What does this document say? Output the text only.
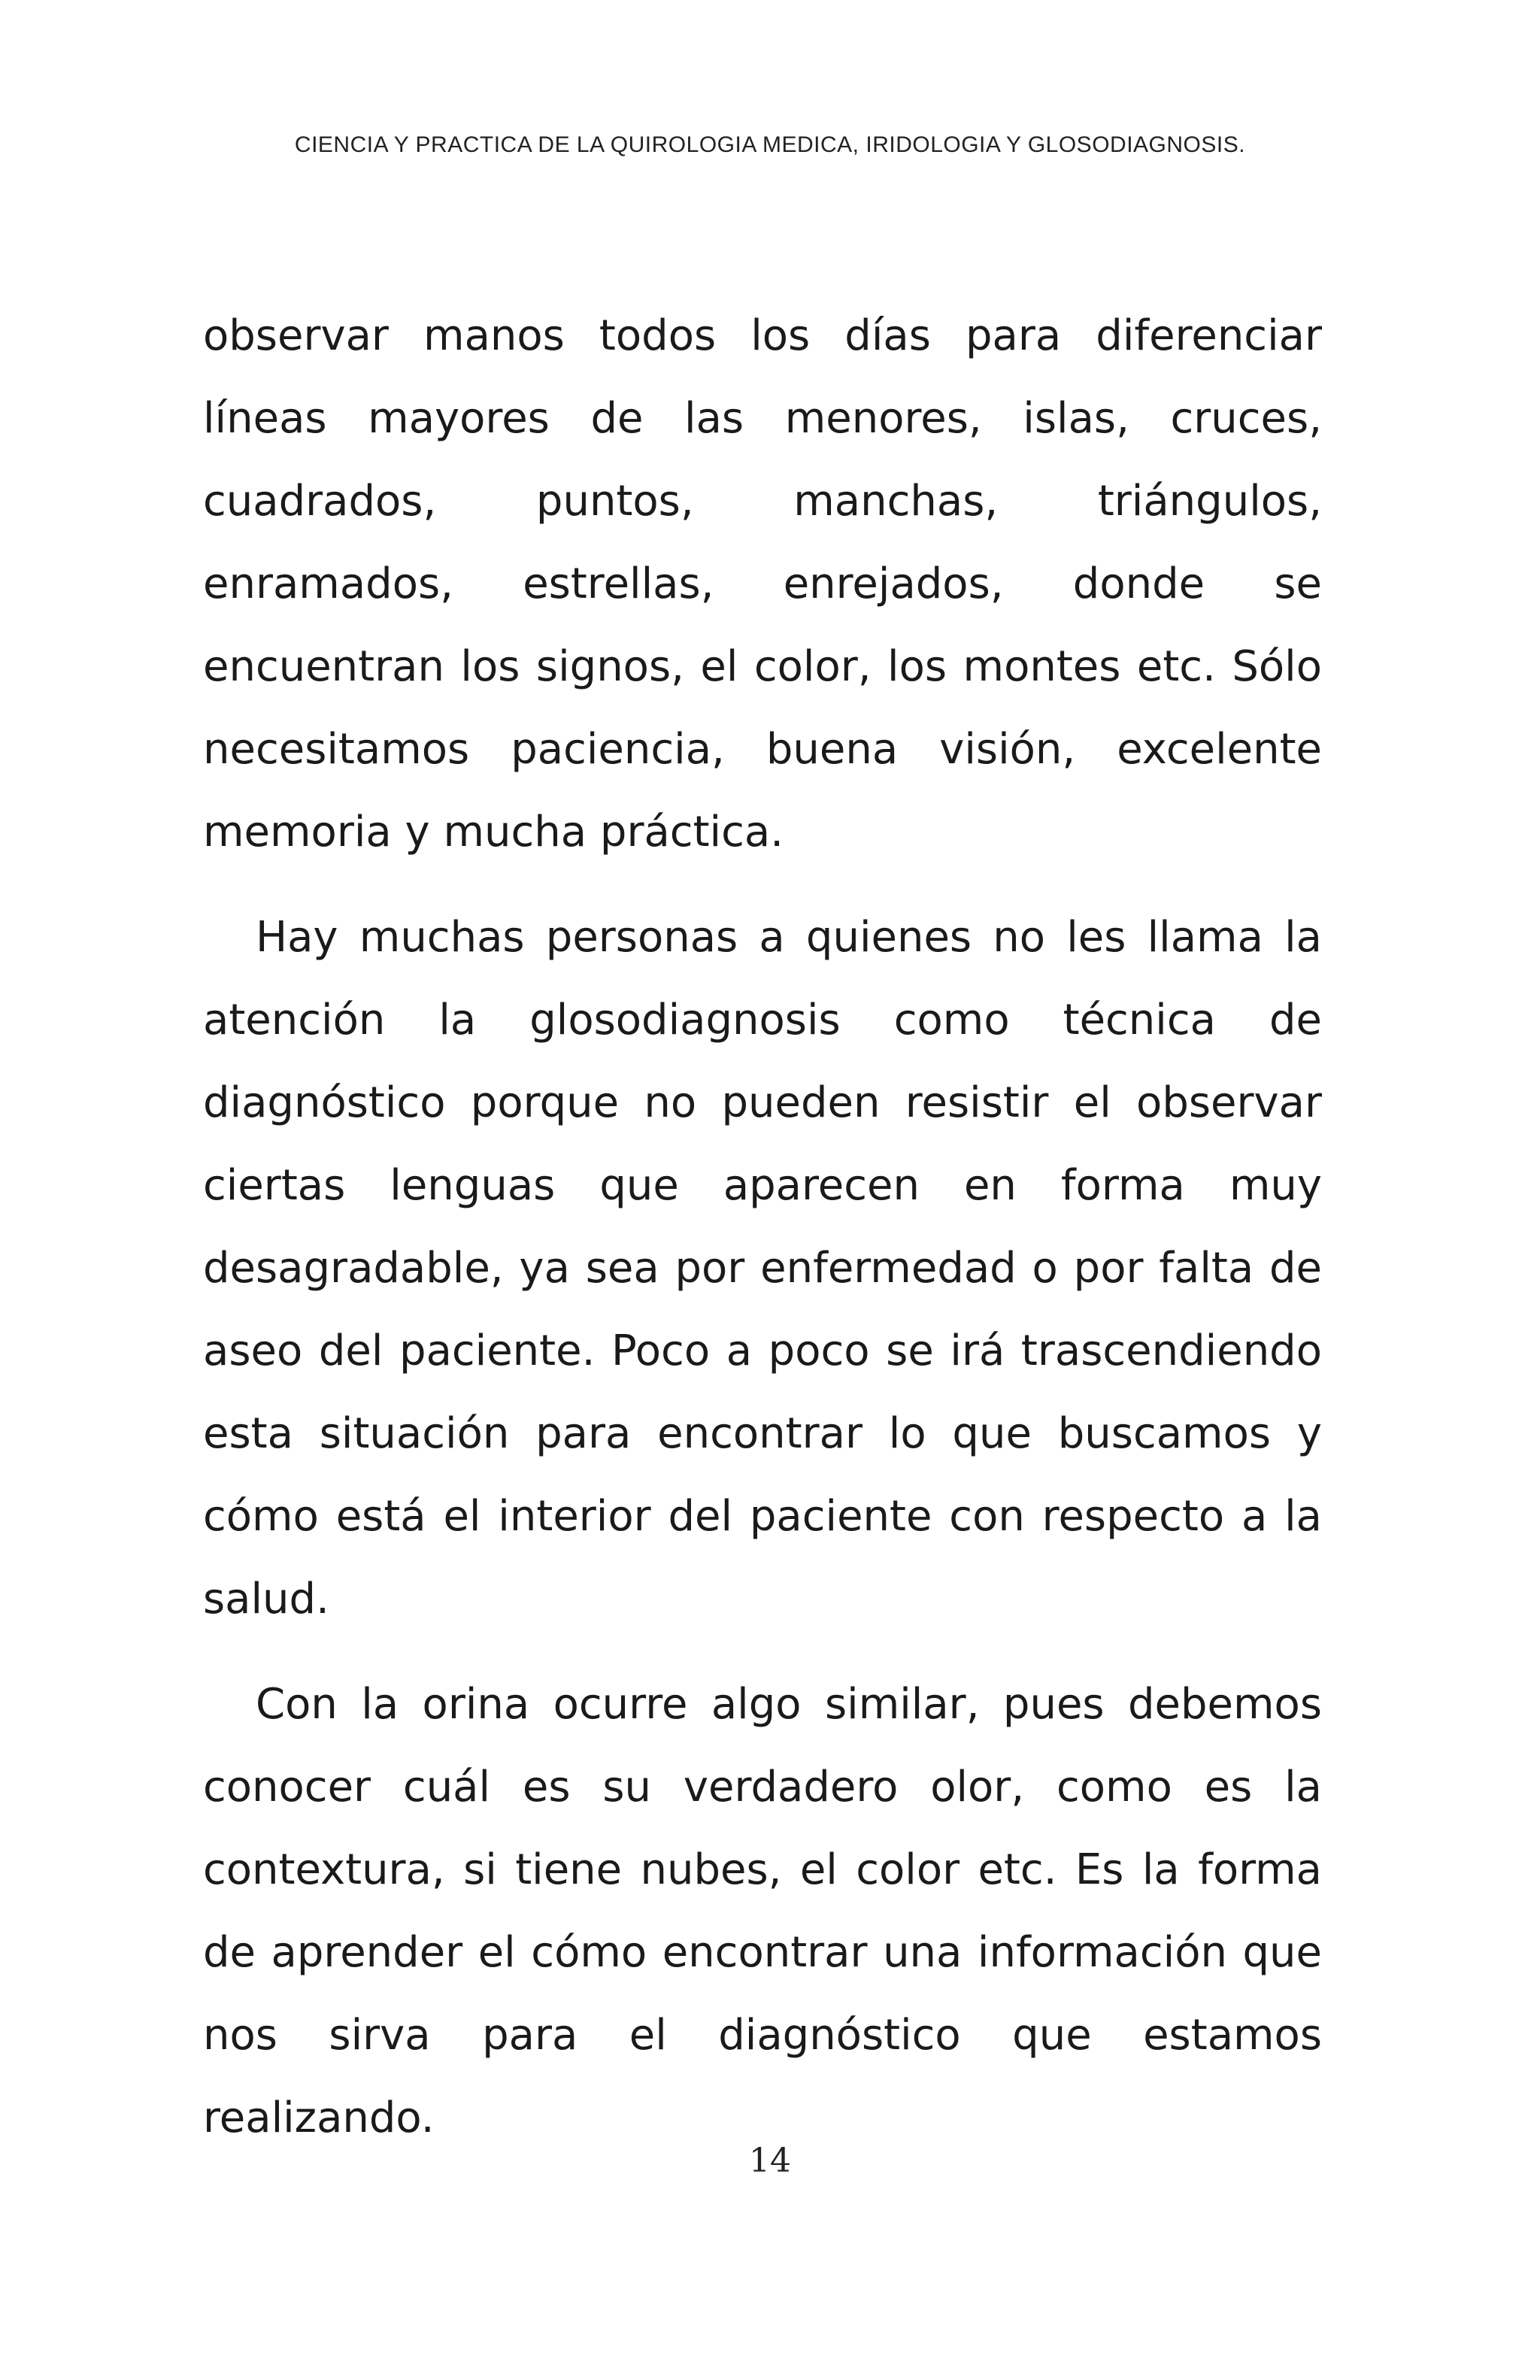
CIENCIA Y PRACTICA DE LA QUIROLOGIA MEDICA, IRIDOLOGIA Y GLOSODIAGNOSIS.

observar manos todos los días para diferenciar líneas mayores de las menores, islas, cruces, cuadrados, puntos, manchas, triángulos, enramados, estrellas, enrejados, donde se encuentran los signos, el color, los montes etc. Sólo necesitamos paciencia, buena visión, excelente memoria y mucha práctica.

Hay muchas personas a quienes no les llama la atención la glosodiagnosis como técnica de diagnóstico porque no pueden resistir el observar ciertas lenguas que aparecen en forma muy desagradable, ya sea por enfermedad o por falta de aseo del paciente. Poco a poco se irá trascendiendo esta situación para encontrar lo que buscamos y cómo está el interior del paciente con respecto a la salud.

Con la orina ocurre algo similar, pues debemos conocer cuál es su verdadero olor, como es la contextura, si tiene nubes, el color etc. Es la forma de aprender el cómo encontrar una información que nos sirva para el diagnóstico que estamos realizando.

14
